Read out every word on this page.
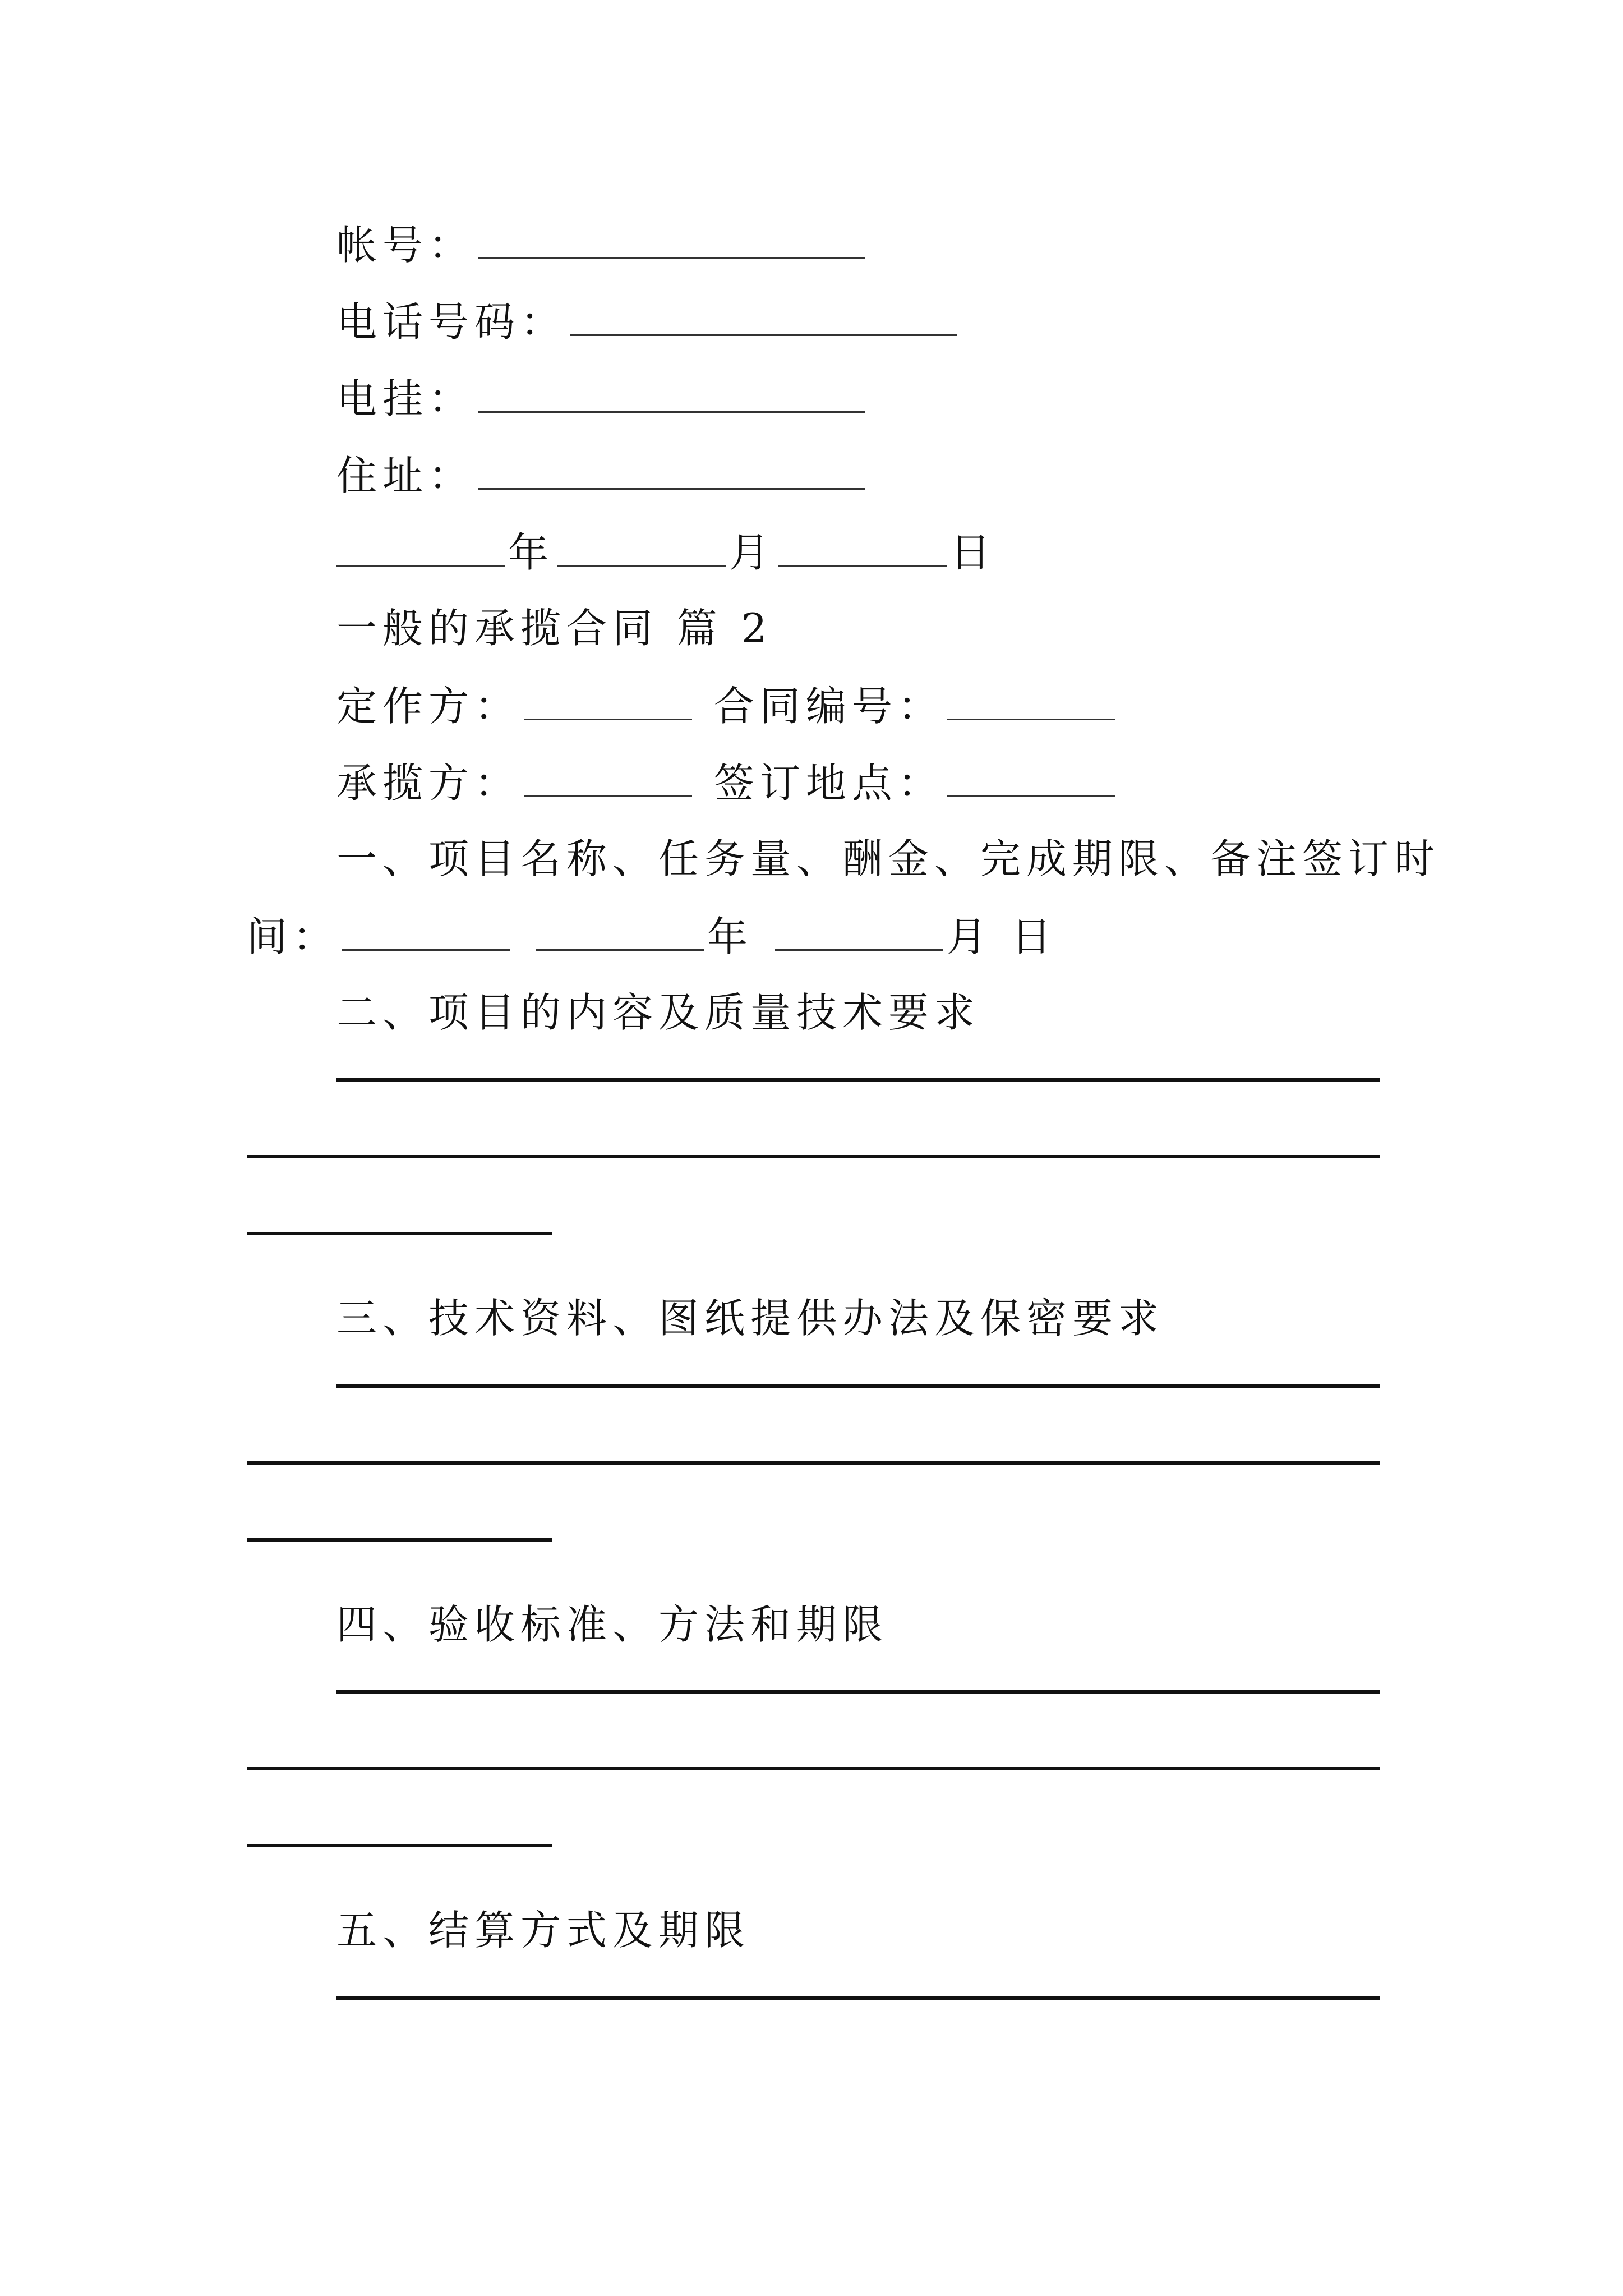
帐号：
电话号码：
电挂：
住址：
年	月	日
一般的承揽合同 篇 2
定作方：	合同编号：
承揽方：	签订地点：
一、项目名称、任务量、酬金、完成期限、备注签订时
间：	年	月 日
二、项目的内容及质量技术要求
三、技术资料、图纸提供办法及保密要求
四、验收标准、方法和期限
五、结算方式及期限
